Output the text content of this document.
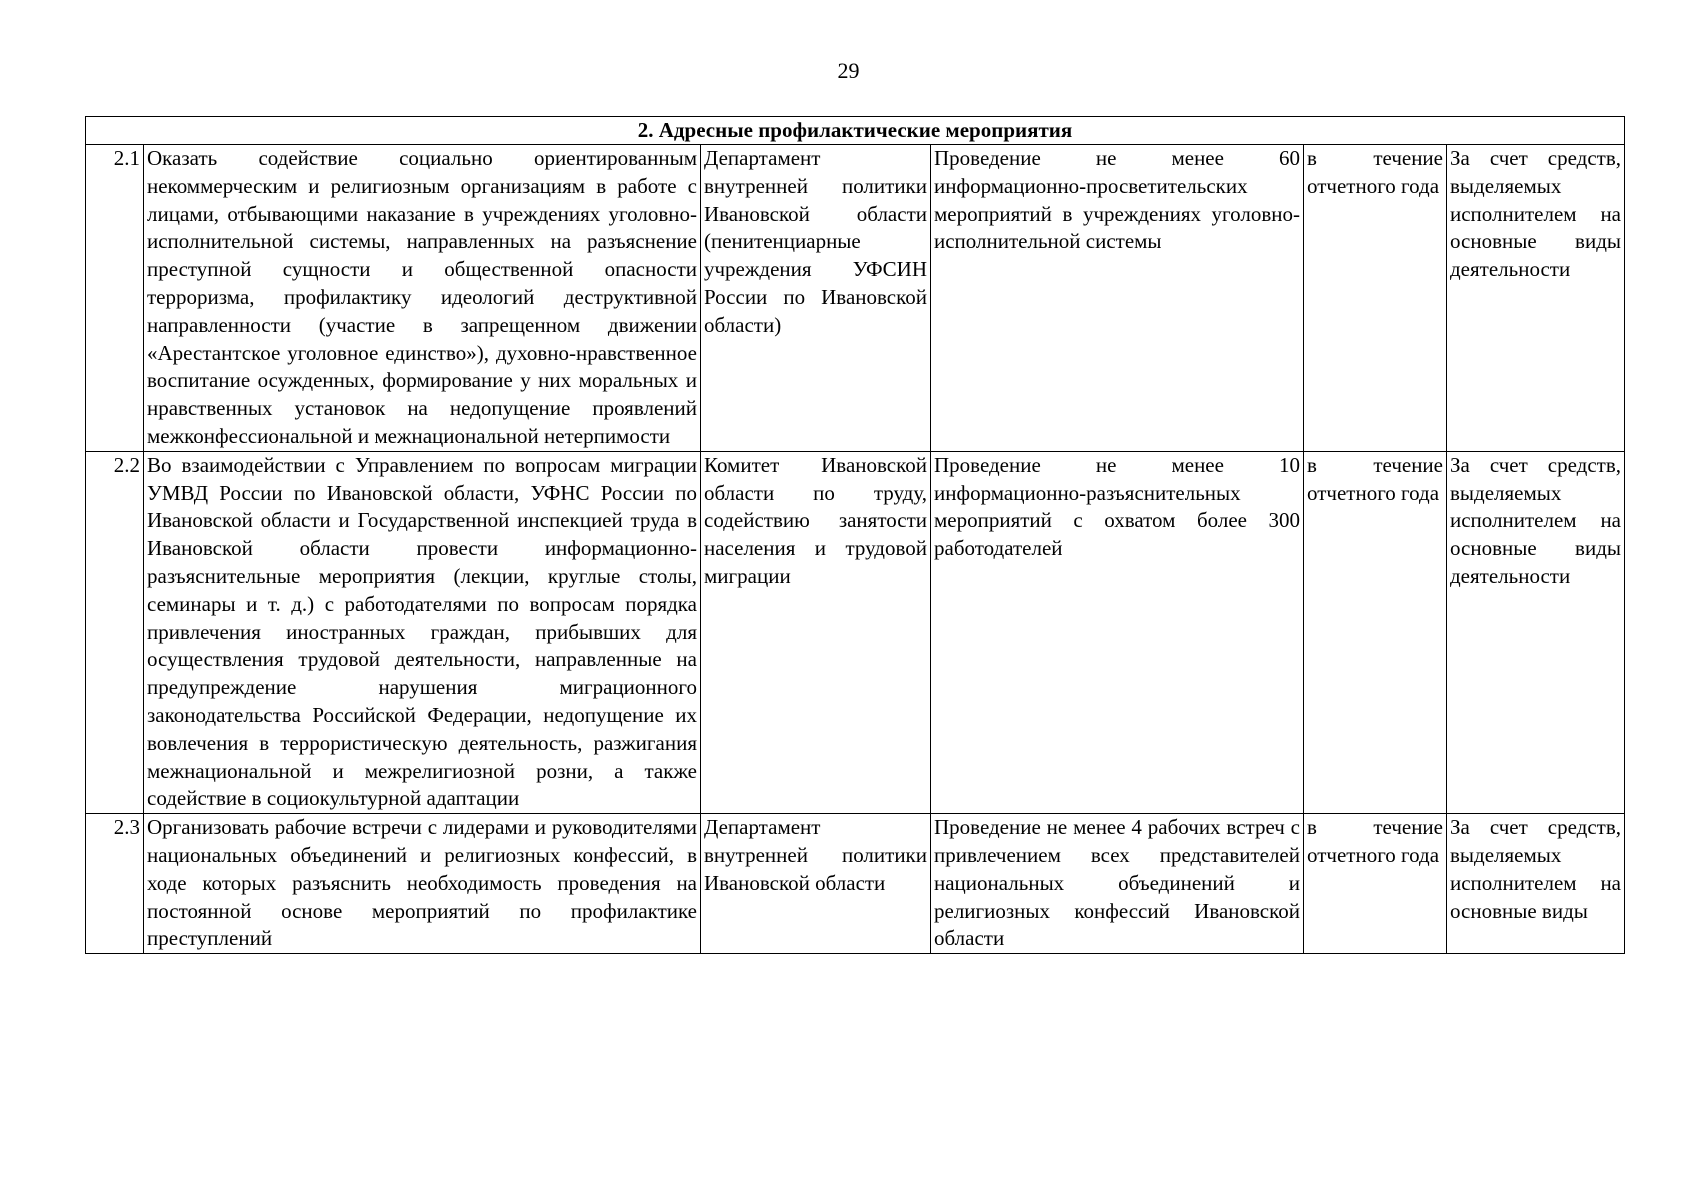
29
2. Адресные профилактические мероприятия					
2.1	Оказать содействие социально ориентированным некоммерческим и религиозным организациям в работе с лицами, отбывающими наказание в учреждениях уголовно-исполнительной системы, направленных на разъяснение преступной сущности и общественной опасности терроризма, профилактику идеологий деструктивной направленности (участие в запрещенном движении «Арестантское уголовное единство»), духовно-нравственное воспитание осужденных, формирование у них моральных и нравственных установок на недопущение проявлений межконфессиональной и межнациональной нетерпимости	Департамент внутренней политики Ивановской области (пенитенциарные учреждения УФСИН России по Ивановской области)	Проведение не менее 60 информационно-просветительских мероприятий в учреждениях уголовно-исполнительной системы	в течение отчетного года	За счет средств, выделяемых исполнителем на основные виды деятельности
2.2	Во взаимодействии с Управлением по вопросам миграции УМВД России по Ивановской области, УФНС России по Ивановской области и Государственной инспекцией труда в Ивановской области провести информационно-разъяснительные мероприятия (лекции, круглые столы, семинары и т. д.) с работодателями по вопросам порядка привлечения иностранных граждан, прибывших для осуществления трудовой деятельности, направленные на предупреждение нарушения миграционного законодательства Российской Федерации, недопущение их вовлечения в террористическую деятельность, разжигания межнациональной и межрелигиозной розни, а также содействие в социокультурной адаптации	Комитет Ивановской области по труду, содействию занятости населения и трудовой миграции	Проведение не менее 10 информационно-разъяснительных мероприятий с охватом более 300 работодателей	в течение отчетного года	За счет средств, выделяемых исполнителем на основные виды деятельности
2.3	Организовать рабочие встречи с лидерами и руководителями национальных объединений и религиозных конфессий, в ходе которых разъяснить необходимость проведения на постоянной основе мероприятий по профилактике преступлений	Департамент внутренней политики Ивановской области	Проведение не менее 4 рабочих встреч с привлечением всех представителей национальных объединений и религиозных конфессий Ивановской области	в течение отчетного года	За счет средств, выделяемых исполнителем на основные виды
